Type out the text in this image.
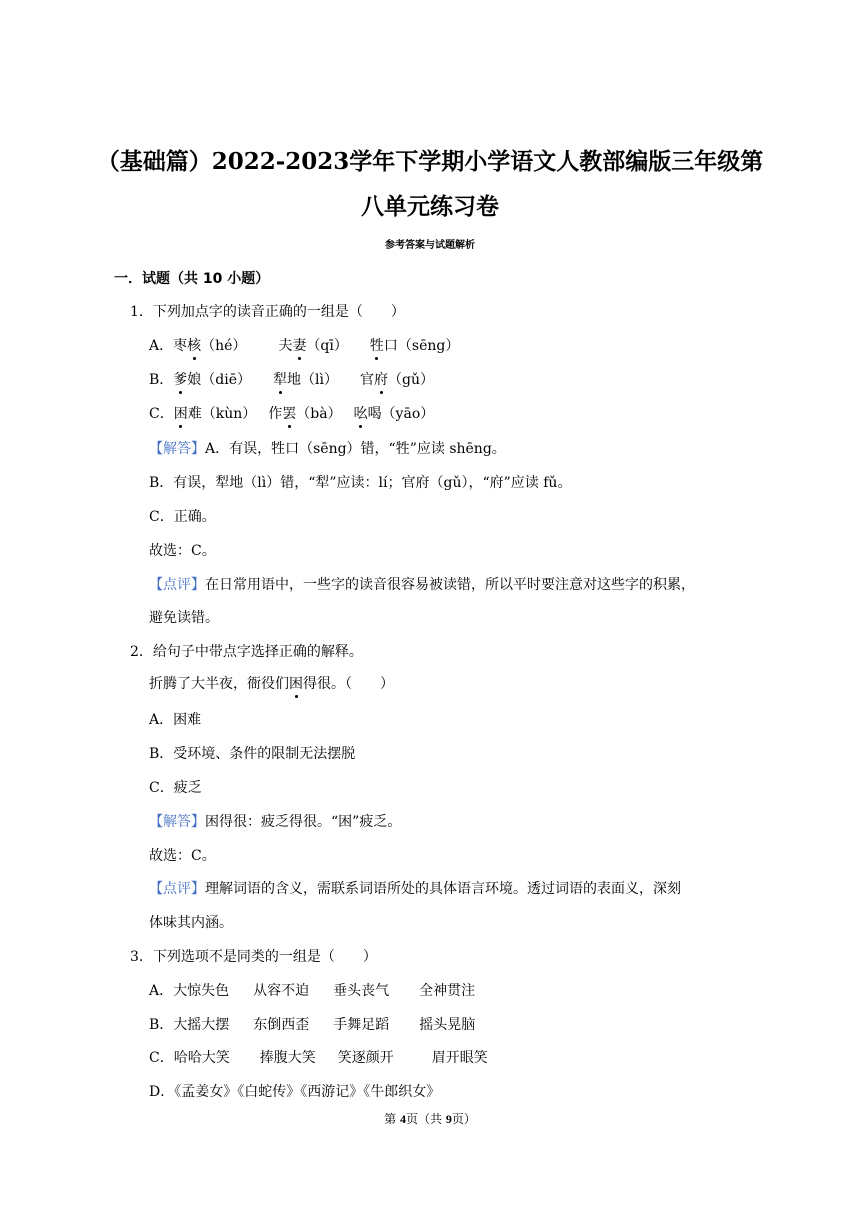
（基础篇）2022-2023学年下学期小学语文人教部编版三年级第
八单元练习卷
参考答案与试题解析
一．试题（共 10 小题）
1．下列加点字的读音正确的一组是（　　）
A．枣核（hé） 夫妻（qī） 牲口（sēng）
B．爹娘（diē） 犁地（lì） 官府（gǔ）
C．困难（kùn） 作罢（bà） 吆喝（yāo）
【解答】A．有误，牲口（sēng）错，“牲”应读 shēng。
B．有误，犁地（lì）错，“犁”应读：lí；官府（gǔ），“府”应读 fǔ。
C．正确。
故选：C。
【点评】在日常用语中，一些字的读音很容易被读错，所以平时要注意对这些字的积累，
避免读错。
2．给句子中带点字选择正确的解释。
折腾了大半夜，衙役们困得很。（　　）
A．困难
B．受环境、条件的限制无法摆脱
C．疲乏
【解答】困得很：疲乏得很。“困”疲乏。
故选：C。
【点评】理解词语的含义，需联系词语所处的具体语言环境。透过词语的表面义，深刻
体味其内涵。
3．下列选项不是同类的一组是（　　）
A．大惊失色 从容不迫 垂头丧气 全神贯注
B．大摇大摆 东倒西歪 手舞足蹈 摇头晃脑
C．哈哈大笑 捧腹大笑 笑逐颜开	眉开眼笑
D．《孟姜女》《白蛇传》《西游记》《牛郎织女》
第 4页（共 9页）
